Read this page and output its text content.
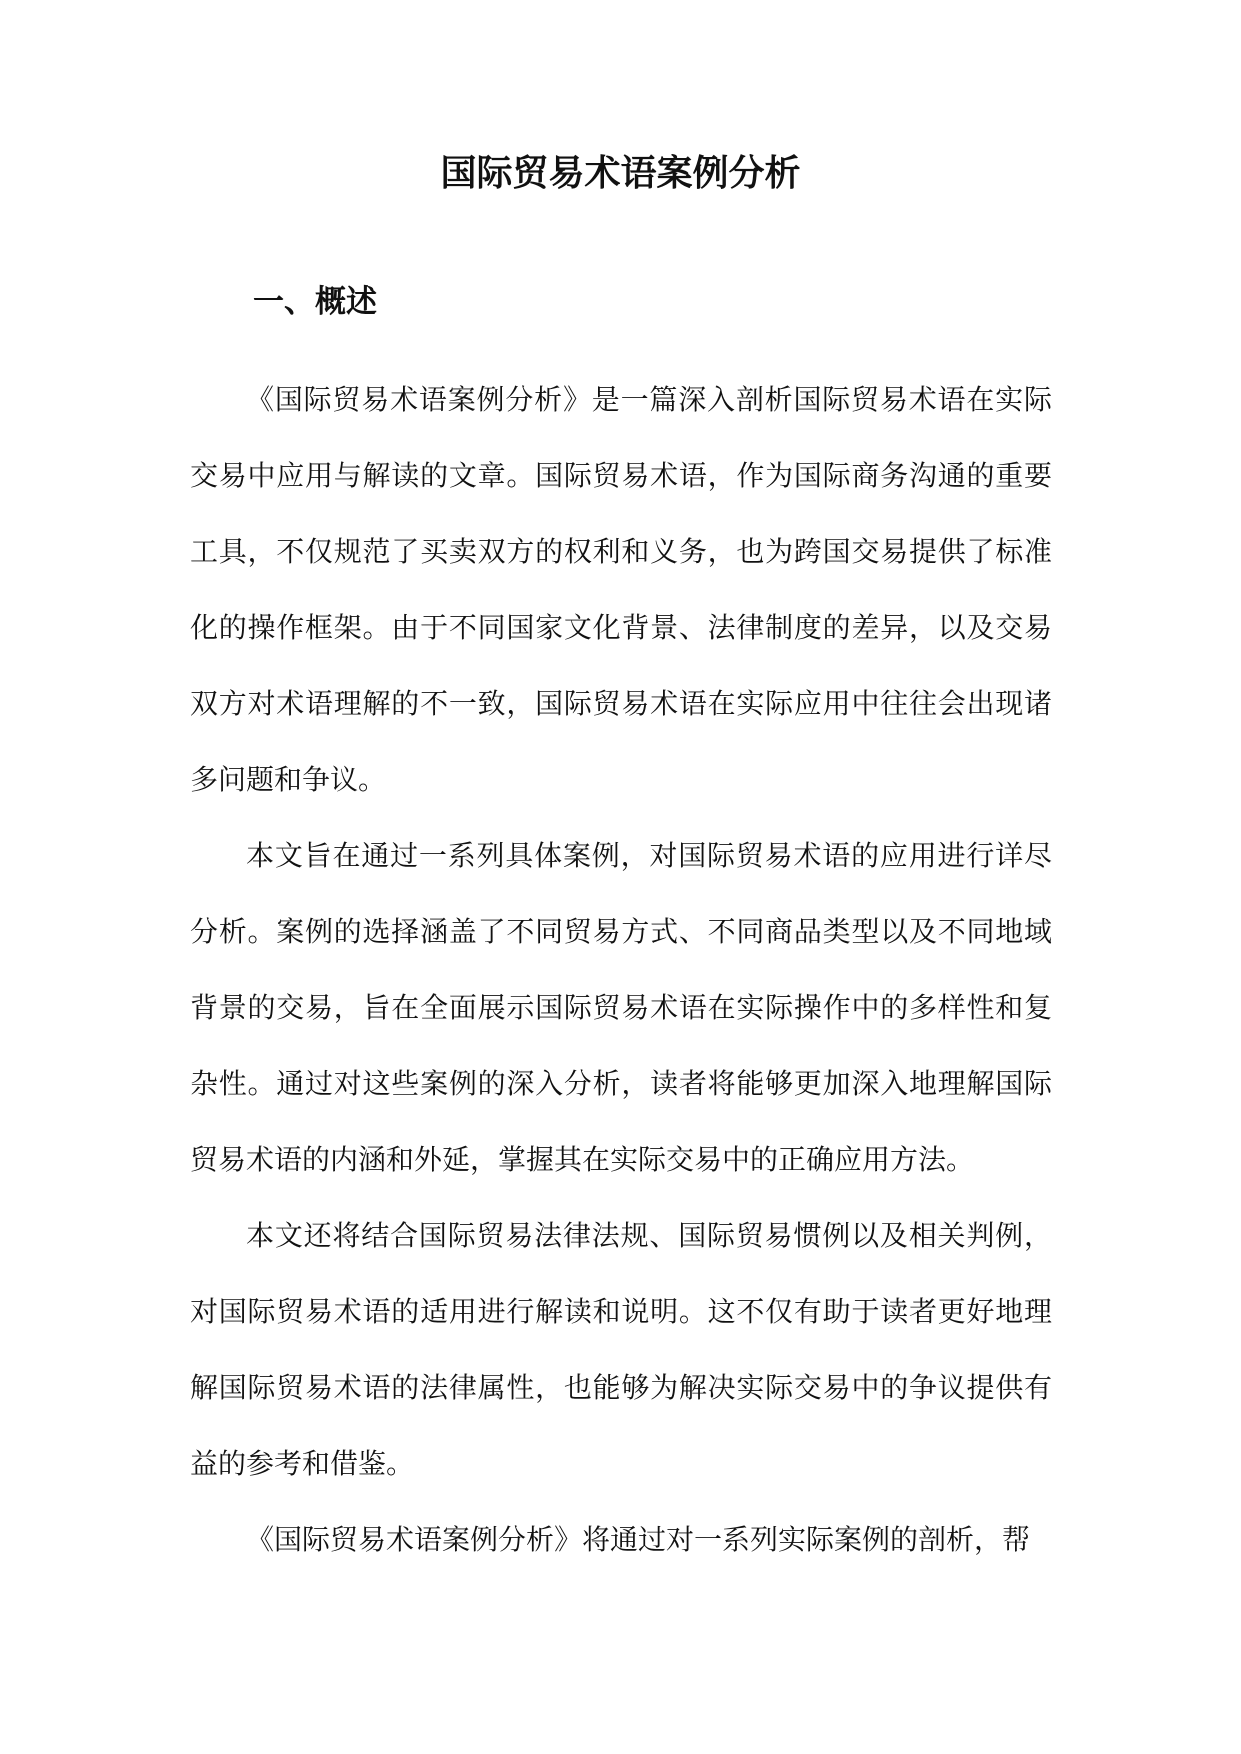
国际贸易术语案例分析
一、概述

《国际贸易术语案例分析》是一篇深入剖析国际贸易术语在实际交易中应用与解读的文章。国际贸易术语，作为国际商务沟通的重要工具，不仅规范了买卖双方的权利和义务，也为跨国交易提供了标准化的操作框架。由于不同国家文化背景、法律制度的差异，以及交易双方对术语理解的不一致，国际贸易术语在实际应用中往往会出现诸多问题和争议。

本文旨在通过一系列具体案例，对国际贸易术语的应用进行详尽分析。案例的选择涵盖了不同贸易方式、不同商品类型以及不同地域背景的交易，旨在全面展示国际贸易术语在实际操作中的多样性和复杂性。通过对这些案例的深入分析，读者将能够更加深入地理解国际贸易术语的内涵和外延，掌握其在实际交易中的正确应用方法。

本文还将结合国际贸易法律法规、国际贸易惯例以及相关判例，对国际贸易术语的适用进行解读和说明。这不仅有助于读者更好地理解国际贸易术语的法律属性，也能够为解决实际交易中的争议提供有益的参考和借鉴。

《国际贸易术语案例分析》将通过对一系列实际案例的剖析，帮
